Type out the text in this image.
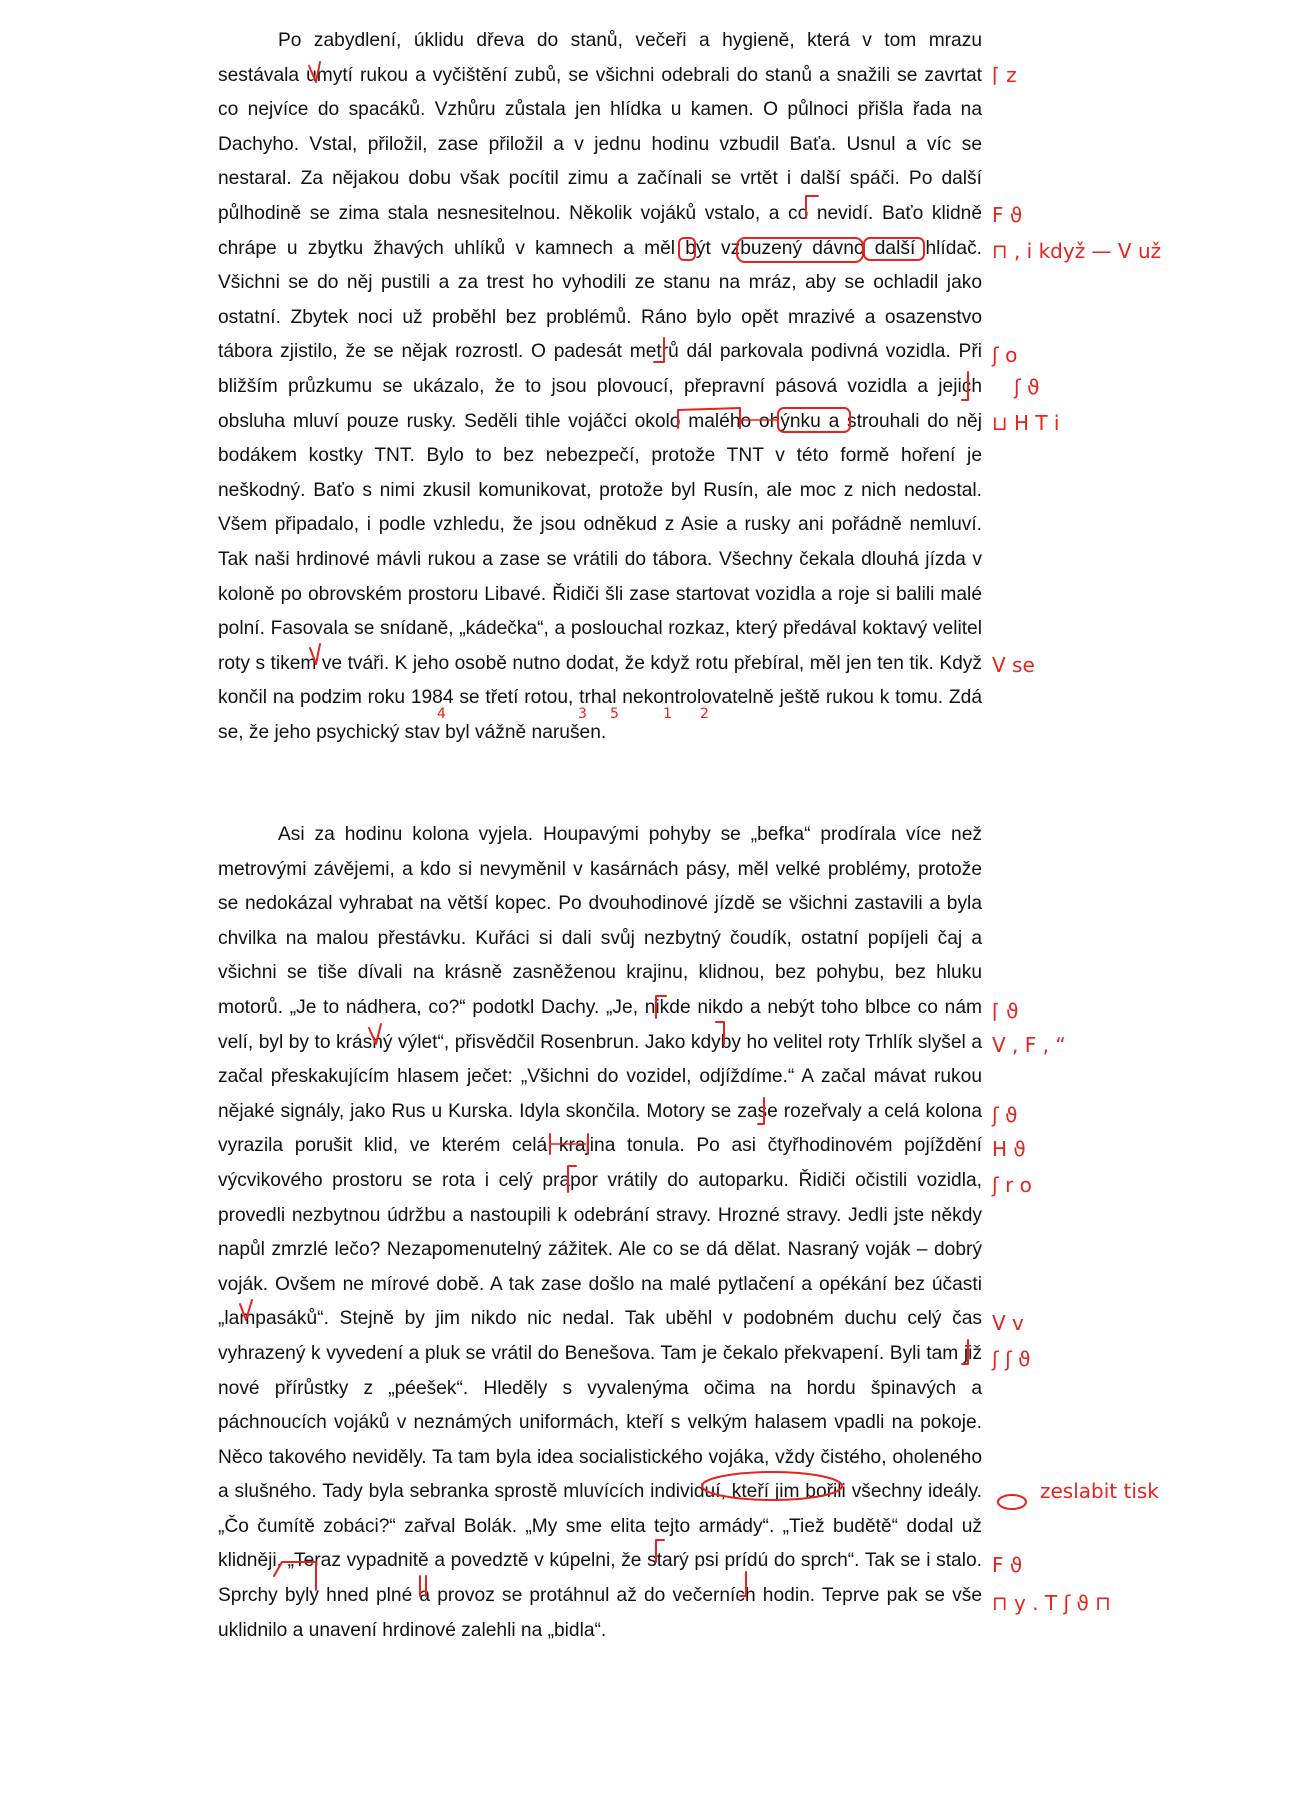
Po zabydlení, úklidu dřeva do stanů, večeři a hygieně, která v tom mrazu sestávala umytí rukou a vyčištění zubů, se všichni odebrali do stanů a snažili se zavrtat co nejvíce do spacáků. Vzhůru zůstala jen hlídka u kamen. O půlnoci přišla řada na Dachyho. Vstal, přiložil, zase přiložil a v jednu hodinu vzbudil Baťa. Usnul a víc se nestaral. Za nějakou dobu však pocítil zimu a začínali se vrtět i další spáči. Po další půlhodině se zima stala nesnesitelnou. Několik vojáků vstalo, a co nevidí. Baťo klidně chrápe u zbytku žhavých uhlíků v kamnech a měl být vzbuzený dávno další hlídač. Všichni se do něj pustili a za trest ho vyhodili ze stanu na mráz, aby se ochladil jako ostatní. Zbytek noci už proběhl bez problémů. Ráno bylo opět mrazivé a osazenstvo tábora zjistilo, že se nějak rozrostl. O padesát metrů dál parkovala podivná vozidla. Při bližším průzkumu se ukázalo, že to jsou plovoucí, přepravní pásová vozidla a jejich obsluha mluví pouze rusky. Seděli tihle vojáčci okolo malého ohýnku a strouhali do něj bodákem kostky TNT. Bylo to bez nebezpečí, protože TNT v této formě hoření je neškodný. Baťo s nimi zkusil komunikovat, protože byl Rusín, ale moc z nich nedostal. Všem připadalo, i podle vzhledu, že jsou odněkud z Asie a rusky ani pořádně nemluví. Tak naši hrdinové mávli rukou a zase se vrátili do tábora. Všechny čekala dlouhá jízda v koloně po obrovském prostoru Libavé. Řidiči šli zase startovat vozidla a roje si balili malé polní. Fasovala se snídaně, „kádečka“, a poslouchal rozkaz, který předával koktavý velitel roty s tikem ve tváři. K jeho osobě nutno dodat, že když rotu přebíral, měl jen ten tik. Když končil na podzim roku 1984 se třetí rotou, trhal nekontrolovatelně ještě rukou k tomu. Zdá se, že jeho psychický stav byl vážně narušen.

Asi za hodinu kolona vyjela. Houpavými pohyby se „befka“ prodírala více než metrovými závějemi, a kdo si nevyměnil v kasárnách pásy, měl velké problémy, protože se nedokázal vyhrabat na větší kopec. Po dvouhodinové jízdě se všichni zastavili a byla chvilka na malou přestávku. Kuřáci si dali svůj nezbytný čoudík, ostatní popíjeli čaj a všichni se tiše dívali na krásně zasněženou krajinu, klidnou, bez pohybu, bez hluku motorů. „Je to nádhera, co?“ podotkl Dachy. „Je, nikde nikdo a nebýt toho blbce co nám velí, byl by to krásný výlet“, přisvědčil Rosenbrun. Jako kdyby ho velitel roty Trhlík slyšel a začal přeskakujícím hlasem ječet: „Všichni do vozidel, odjíždíme.“ A začal mávat rukou nějaké signály, jako Rus u Kurska. Idyla skončila. Motory se zase rozeřvaly a celá kolona vyrazila porušit klid, ve kterém celá krajina tonula. Po asi čtyřhodinovém pojíždění výcvikového prostoru se rota i celý prapor vrátily do autoparku. Řidiči očistili vozidla, provedli nezbytnou údržbu a nastoupili k odebrání stravy. Hrozné stravy. Jedli jste někdy napůl zmrzlé lečo? Nezapomenutelný zážitek. Ale co se dá dělat. Nasraný voják – dobrý voják. Ovšem ne mírové době. A tak zase došlo na malé pytlačení a opékání bez účasti „lampasáků“. Stejně by jim nikdo nic nedal. Tak uběhl v podobném duchu celý čas vyhrazený k vyvedení a pluk se vrátil do Benešova. Tam je čekalo překvapení. Byli tam již nové přírůstky z „péešek“. Hleděly s vyvalenýma očima na hordu špinavých a páchnoucích vojáků v neznámých uniformách, kteří s velkým halasem vpadli na pokoje. Něco takového neviděly. Ta tam byla idea socialistického vojáka, vždy čistého, oholeného a slušného. Tady byla sebranka sprostě mluvících individuí, kteří jim bořili všechny ideály. „Čo čumítě zobáci?“ zařval Bolák. „My sme elita tejto armády“. „Tiež budětě“ dodal už klidněji. „Teraz vypadnitě a povedztě v kúpelni, že starý psi prídú do sprch“. Tak se i stalo. Sprchy byly hned plné a provoz se protáhnul až do večerních hodin. Teprve pak se vše uklidnilo a unavení hrdinové zalehli na „bidla“.

4	3 5	1 2
⌈ z
F ϑ
⊓ , i když — V už
ʃ o
ʃ ϑ
⊔ H T i
V se
⌈ ϑ
V , F , “
ʃ ϑ
H ϑ
ʃ r o
V v
ʃ ʃ ϑ
zeslabit tisk
F ϑ
⊓ y . T ʃ ϑ ⊓
